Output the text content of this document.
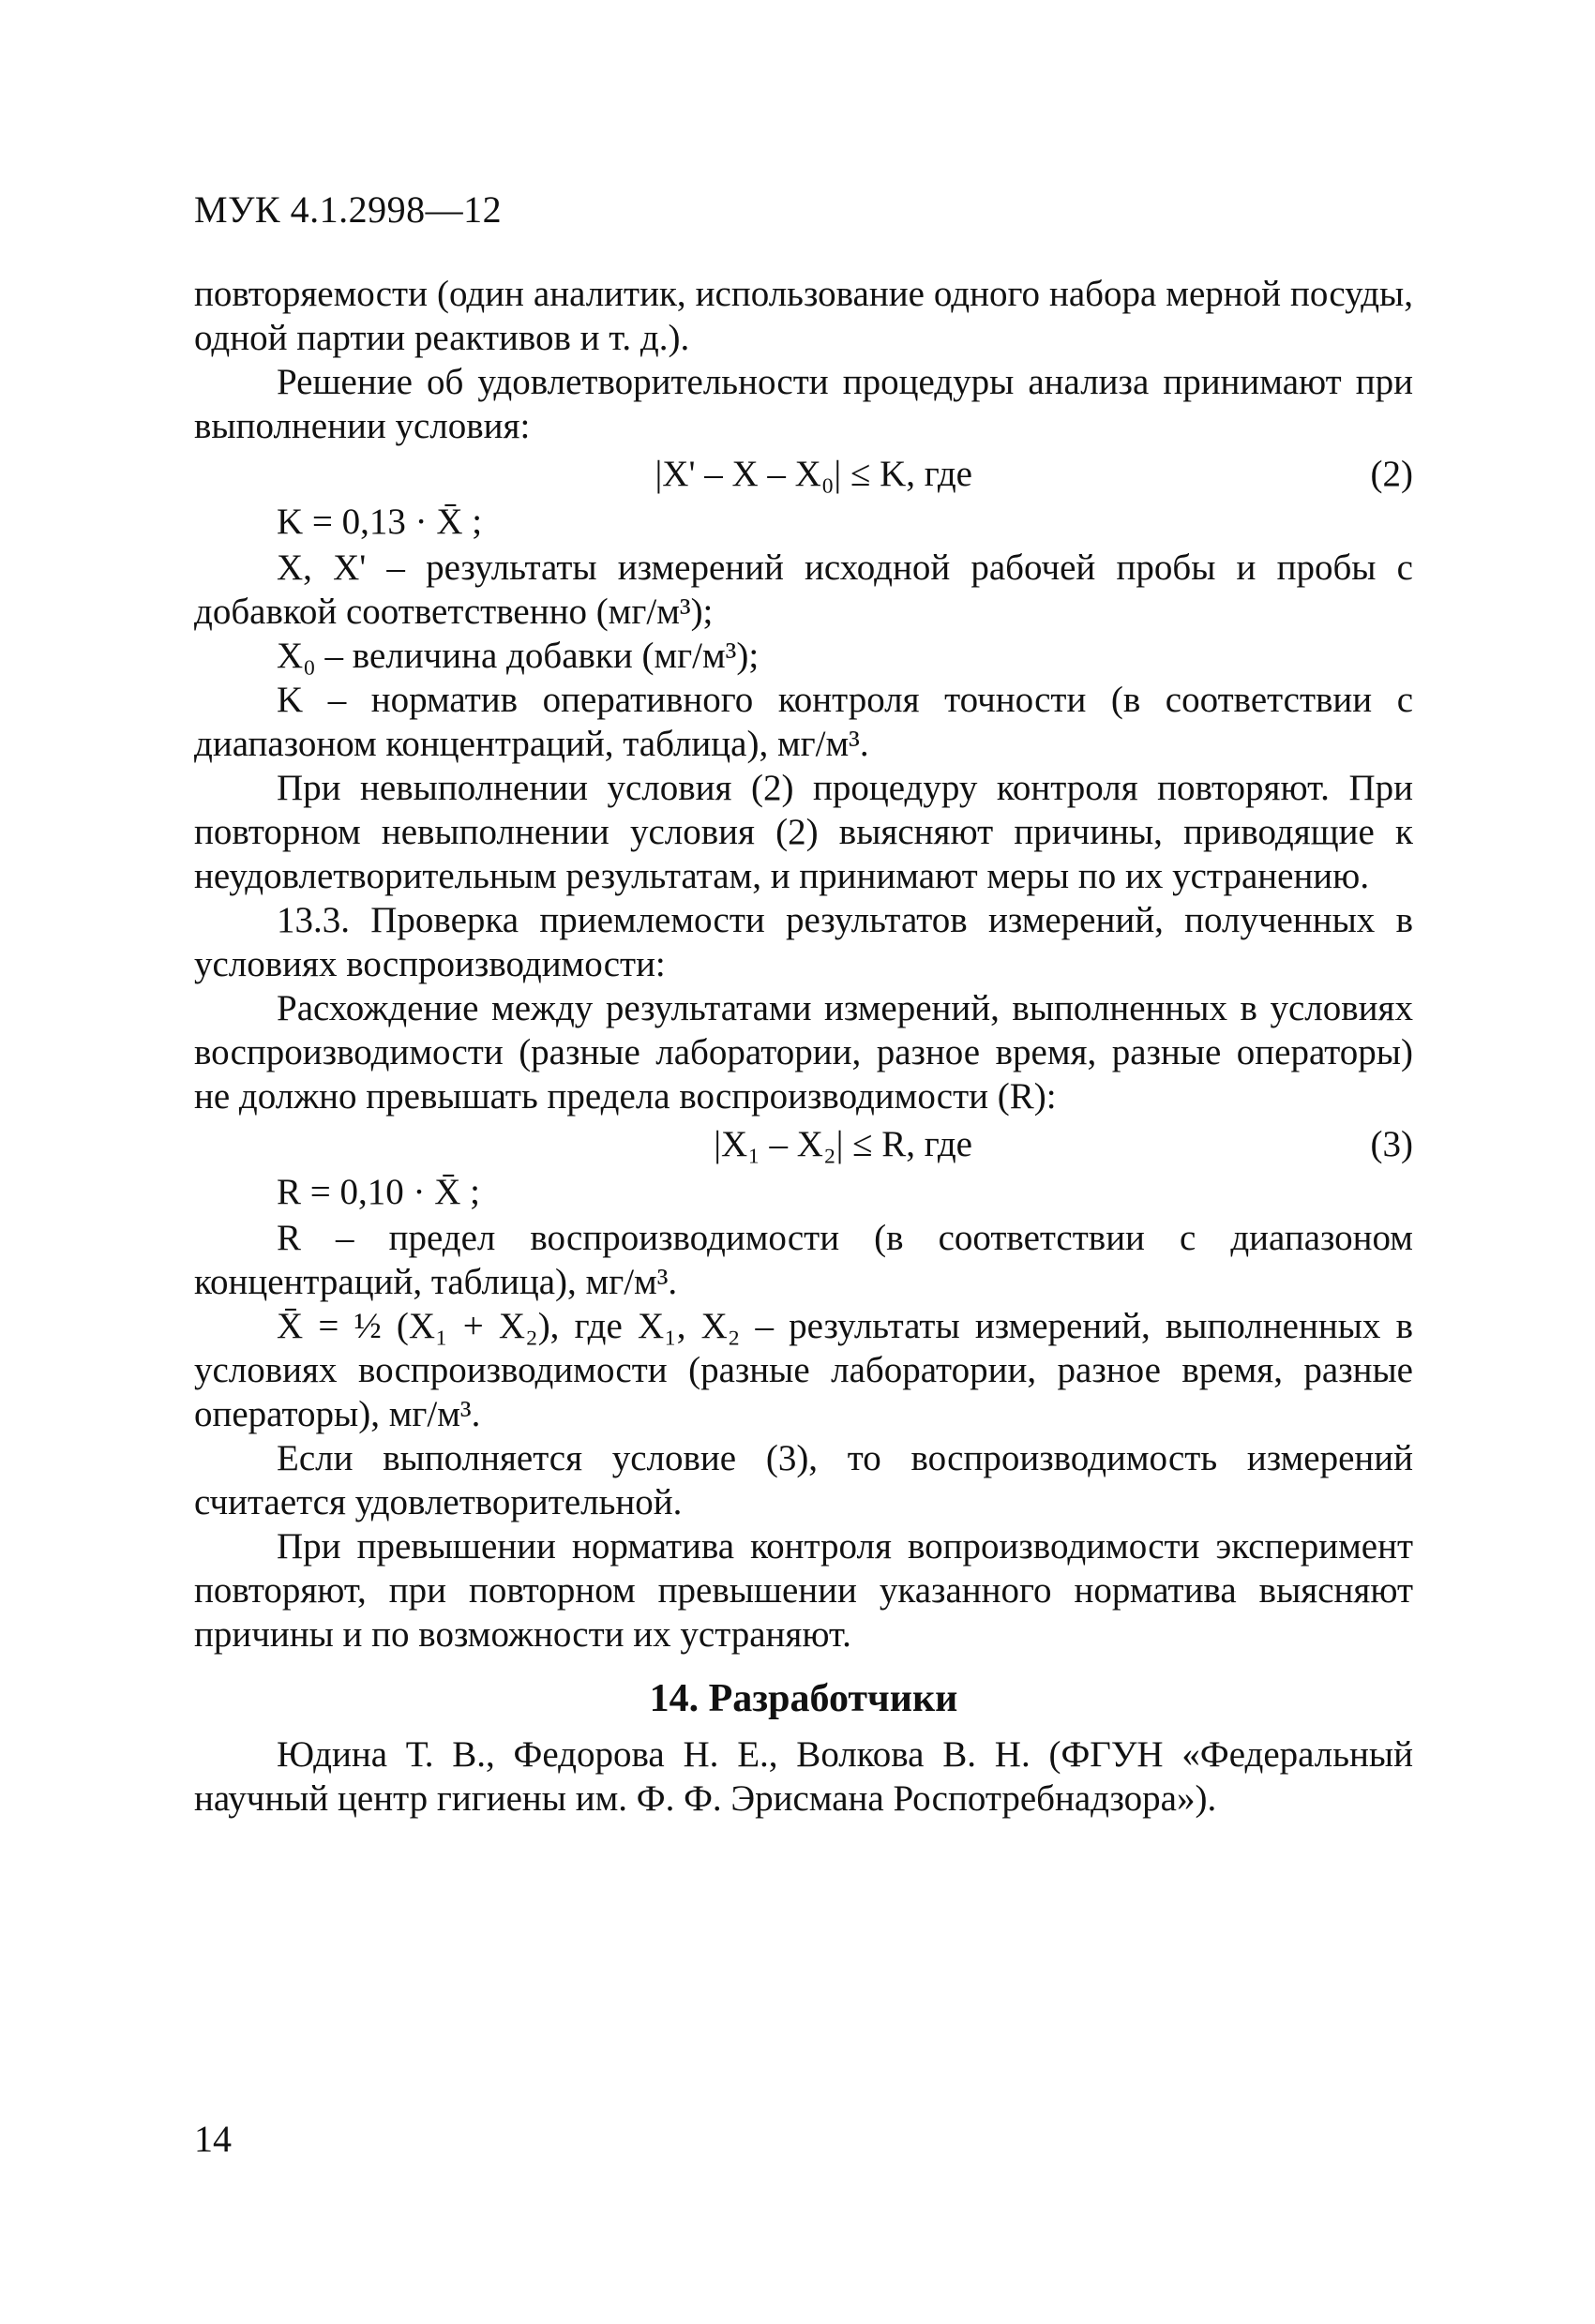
МУК 4.1.2998—12

повторяемости (один аналитик, использование одного набора мерной посуды, одной партии реактивов и т. д.).

Решение об удовлетворительности процедуры анализа принимают при выполнении условия:

|X' – X – X₀| ≤ K, где	(2)

K = 0,13 · X̄ ;

X, X' – результаты измерений исходной рабочей пробы и пробы с добавкой соответственно (мг/м³);

X₀ – величина добавки (мг/м³);

K – норматив оперативного контроля точности (в соответствии с диапазоном концентраций, таблица), мг/м³.

При невыполнении условия (2) процедуру контроля повторяют. При повторном невыполнении условия (2) выясняют причины, приводящие к неудовлетворительным результатам, и принимают меры по их устранению.

13.3. Проверка приемлемости результатов измерений, полученных в условиях воспроизводимости:

Расхождение между результатами измерений, выполненных в условиях воспроизводимости (разные лаборатории, разное время, разные операторы) не должно превышать предела воспроизводимости (R):

|X₁ – X₂| ≤ R, где	(3)

R = 0,10 · X̄ ;

R – предел воспроизводимости (в соответствии с диапазоном концентраций, таблица), мг/м³.

X̄ = ½ (X₁ + X₂), где X₁, X₂ – результаты измерений, выполненных в условиях воспроизводимости (разные лаборатории, разное время, разные операторы), мг/м³.

Если выполняется условие (3), то воспроизводимость измерений считается удовлетворительной.

При превышении норматива контроля вопроизводимости эксперимент повторяют, при повторном превышении указанного норматива выясняют причины и по возможности их устраняют.

14. Разработчики

Юдина Т. В., Федорова Н. Е., Волкова В. Н. (ФГУН «Федеральный научный центр гигиены им. Ф. Ф. Эрисмана Роспотребнадзора»).

14
